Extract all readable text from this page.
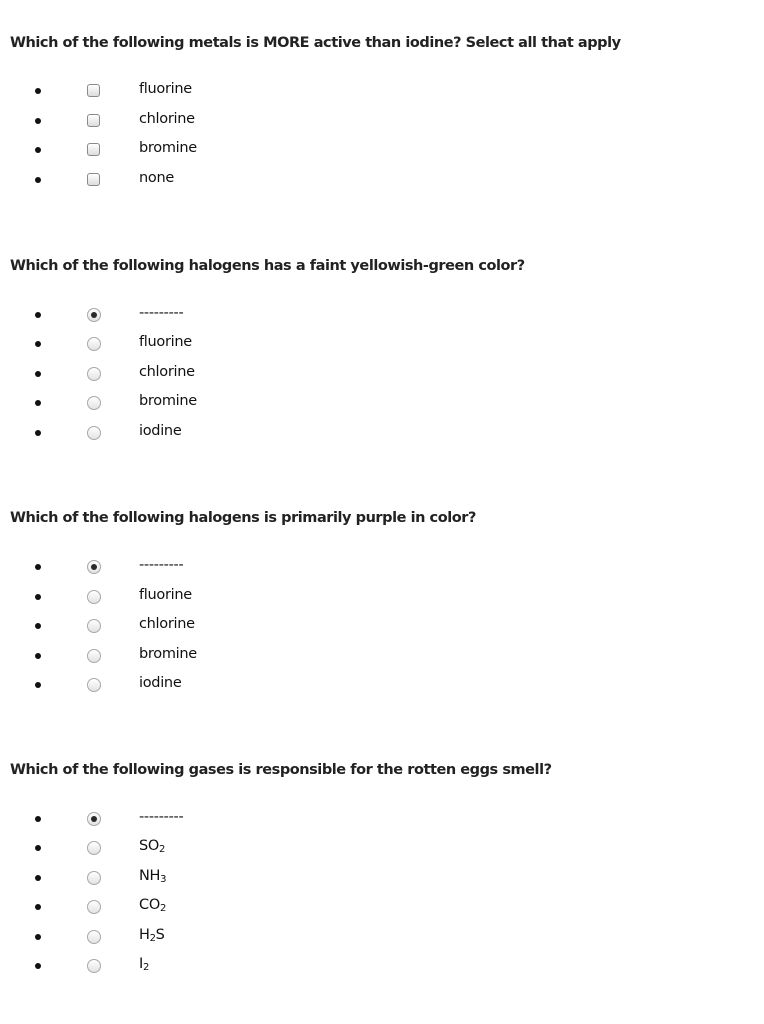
Which of the following metals is MORE active than iodine? Select all that apply
fluorine
chlorine
bromine
none
Which of the following halogens has a faint yellowish-green color?
---------
fluorine
chlorine
bromine
iodine
Which of the following halogens is primarily purple in color?
---------
fluorine
chlorine
bromine
iodine
Which of the following gases is responsible for the rotten eggs smell?
---------
$SO_2$
$NH_3$
$CO_2$
$H_2S$
$I_2$
